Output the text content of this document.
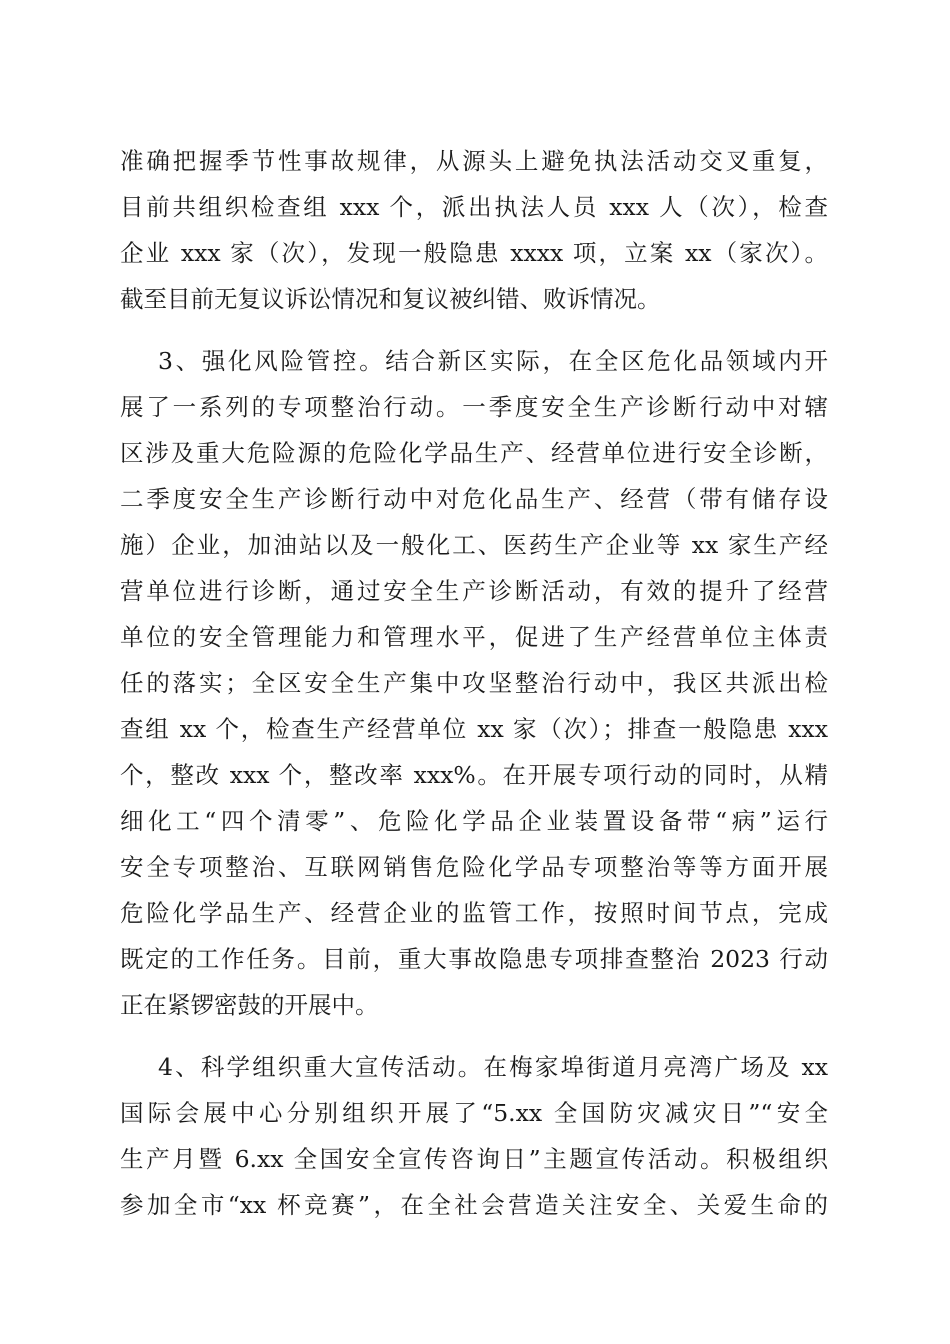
准确把握季节性事故规律，从源头上避免执法活动交叉重复，
目前共组织检查组 xxx 个，派出执法人员 xxx 人（次），检查
企业 xxx 家（次），发现一般隐患 xxxx 项，立案 xx（家次）。
截至目前无复议诉讼情况和复议被纠错、败诉情况。
3、强化风险管控。结合新区实际，在全区危化品领域内开
展了一系列的专项整治行动。一季度安全生产诊断行动中对辖
区涉及重大危险源的危险化学品生产、经营单位进行安全诊断，
二季度安全生产诊断行动中对危化品生产、经营（带有储存设
施）企业，加油站以及一般化工、医药生产企业等 xx 家生产经
营单位进行诊断，通过安全生产诊断活动，有效的提升了经营
单位的安全管理能力和管理水平，促进了生产经营单位主体责
任的落实；全区安全生产集中攻坚整治行动中，我区共派出检
查组 xx 个，检查生产经营单位 xx 家（次）；排查一般隐患 xxx
个，整改 xxx 个，整改率 xxx%。在开展专项行动的同时，从精
细化工“四个清零”、危险化学品企业装置设备带“病”运行
安全专项整治、互联网销售危险化学品专项整治等等方面开展
危险化学品生产、经营企业的监管工作，按照时间节点，完成
既定的工作任务。目前，重大事故隐患专项排查整治 2023 行动
正在紧锣密鼓的开展中。
4、科学组织重大宣传活动。在梅家埠街道月亮湾广场及 xx
国际会展中心分别组织开展了“5.xx 全国防灾减灾日”“安全
生产月暨 6.xx 全国安全宣传咨询日”主题宣传活动。积极组织
参加全市“xx 杯竞赛”，在全社会营造关注安全、关爱生命的
